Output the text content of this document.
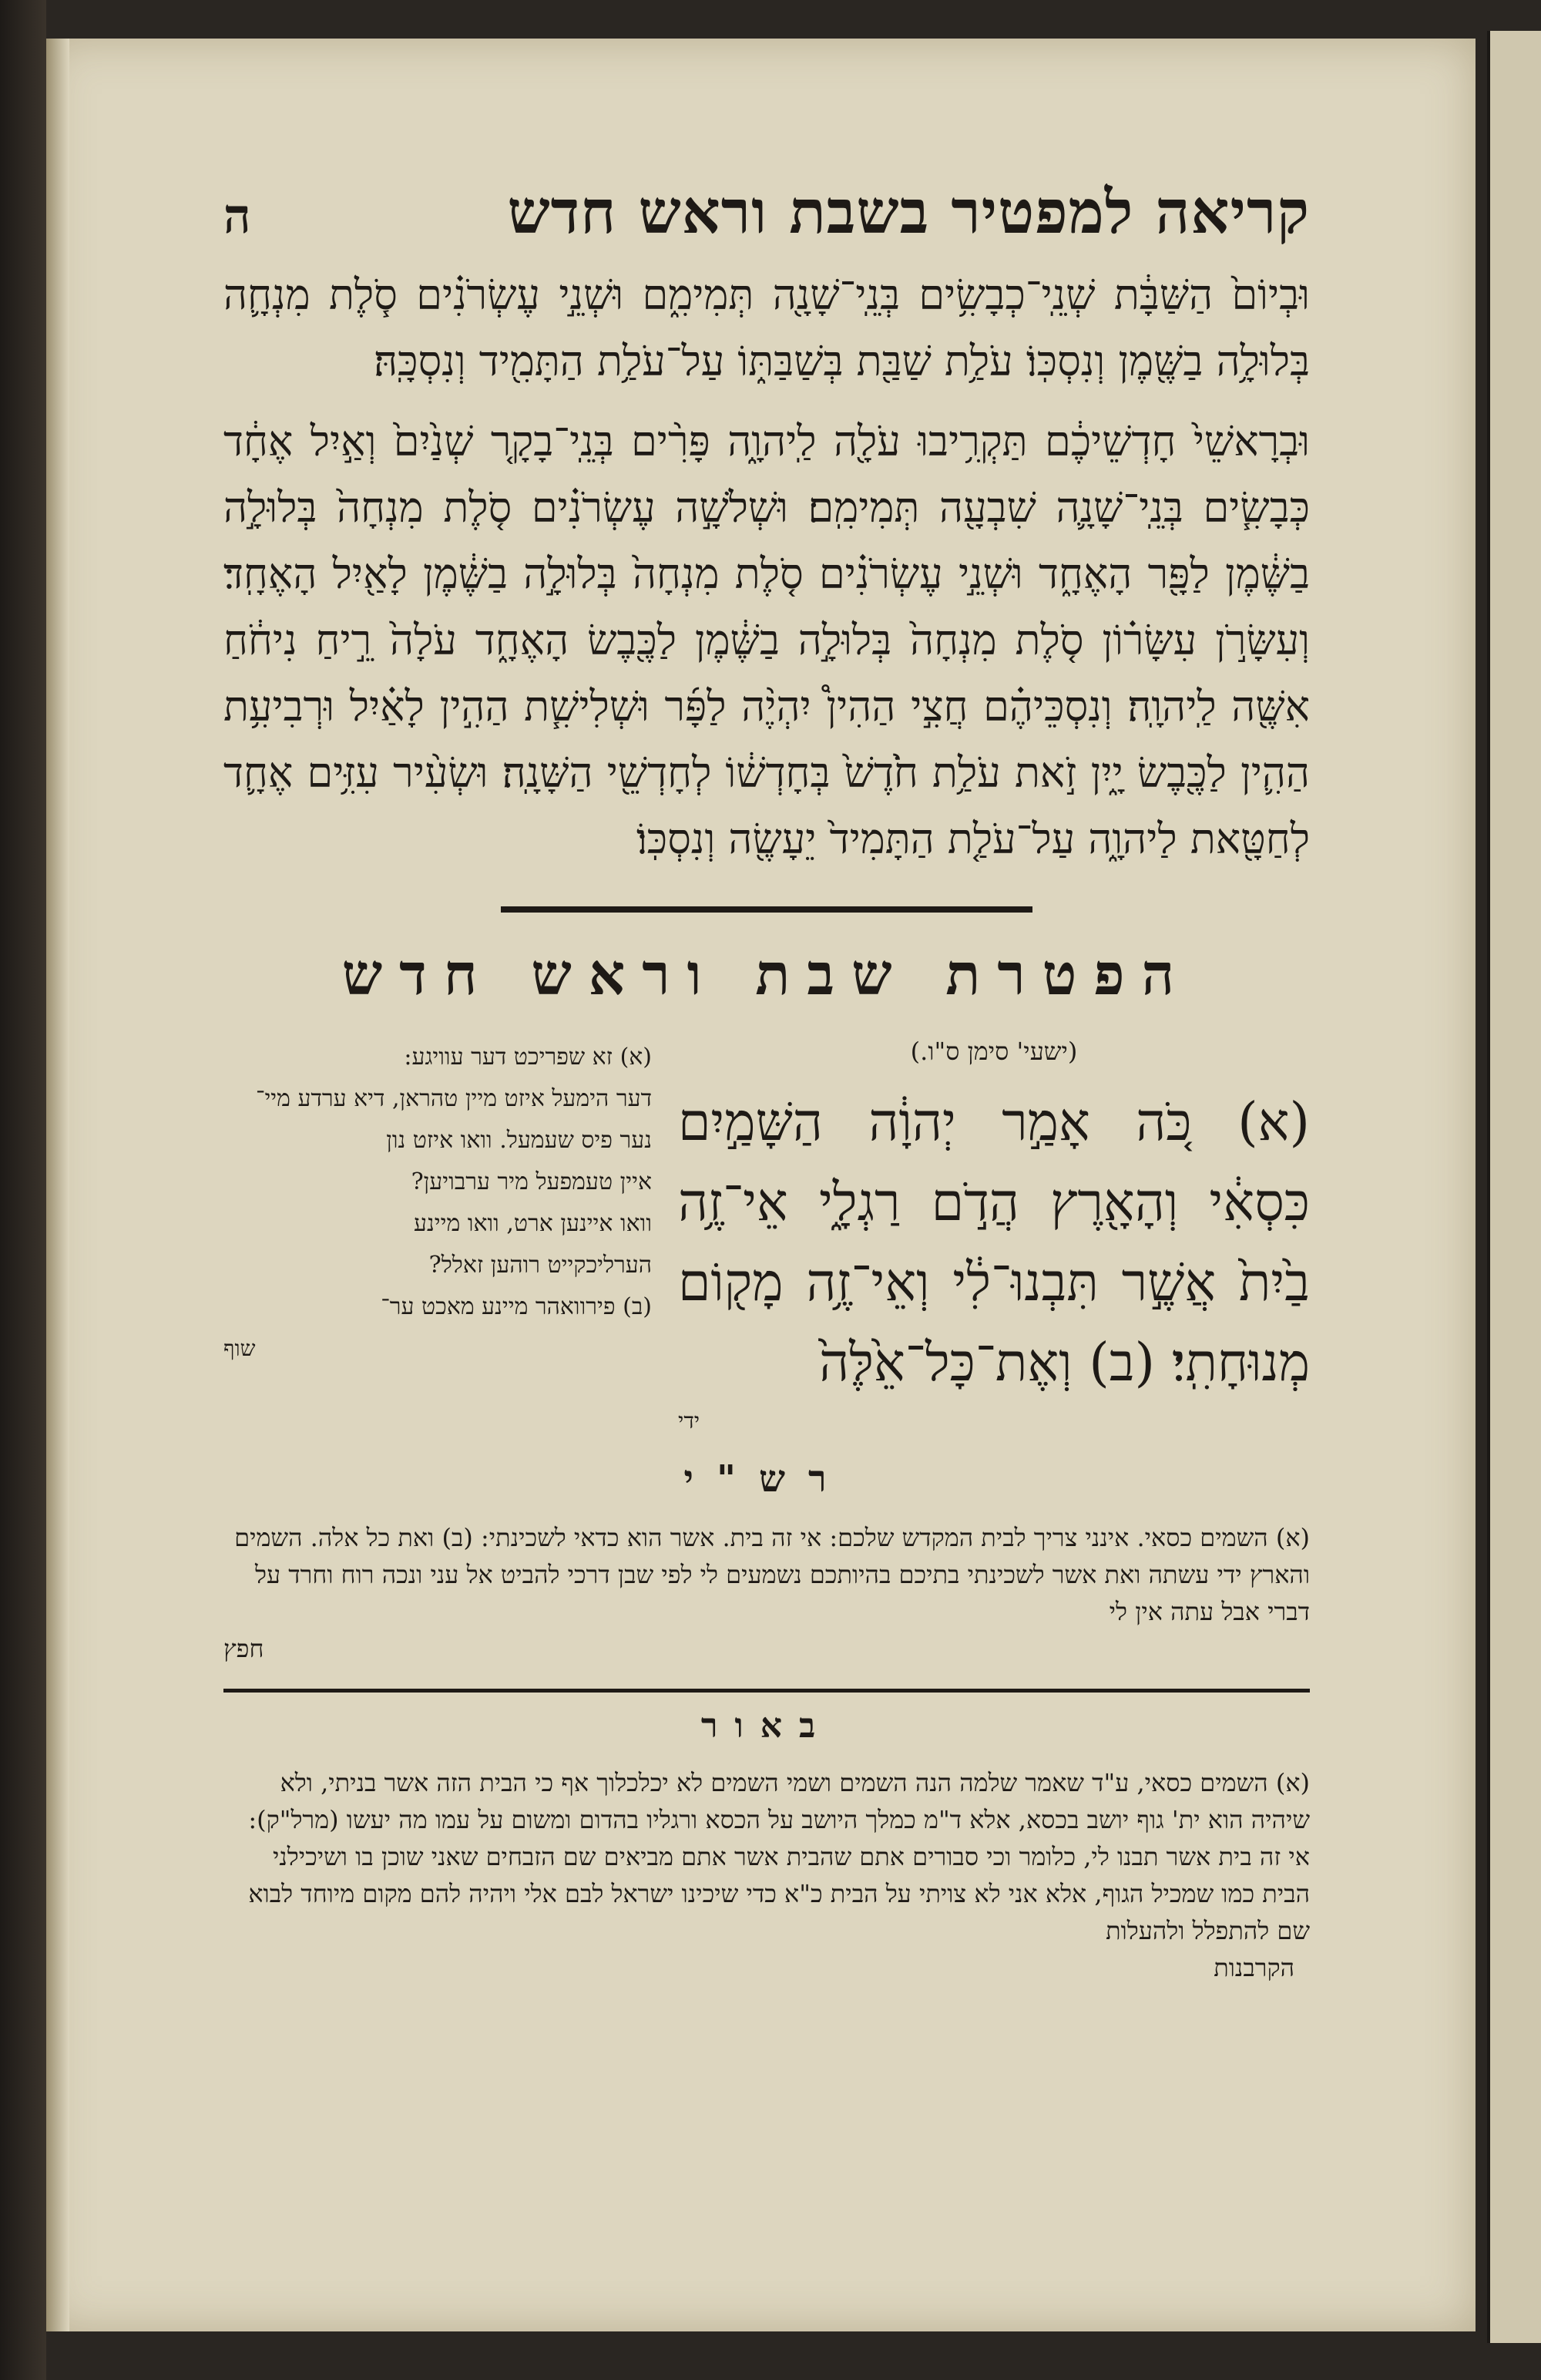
קריאה למפטיר בשבת וראש חדש
ה

וּבְיוֹם֙ הַשַּׁבָּ֔ת שְׁנֵֽי־כְבָשִׂ֥ים בְּנֵֽי־שָׁנָ֖ה תְּמִימִ֑ם וּשְׁנֵ֣י עֶשְׂרֹנִ֗ים סֹ֧לֶת מִנְחָ֛ה בְּלוּלָ֥ה בַשֶּׁ֖מֶן וְנִסְכּֽוֹ׃ עֹלַ֥ת שַׁבַּ֖ת בְּשַׁבַּתּ֑וֹ עַל־עֹלַ֥ת הַתָּמִ֖יד וְנִסְכָּֽהּ׃

וּבְרָאשֵׁי֙ חָדְשֵׁיכֶ֔ם תַּקְרִ֥יבוּ עֹלָ֖ה לַֽיהוָ֑ה פָּרִ֨ים בְּנֵֽי־בָקָ֤ר שְׁנַ֙יִם֙ וְאַ֣יִל אֶחָ֔ד כְּבָשִׂ֧ים בְּנֵֽי־שָׁנָ֛ה שִׁבְעָ֖ה תְּמִימִֽם׃ וּשְׁלֹשָׁ֣ה עֶשְׂרֹנִ֗ים סֹ֤לֶת מִנְחָה֙ בְּלוּלָ֣ה בַשֶּׁ֔מֶן לַפָּ֖ר הָאֶחָ֑ד וּשְׁנֵ֣י עֶשְׂרֹנִ֗ים סֹ֤לֶת מִנְחָה֙ בְּלוּלָ֣ה בַשֶּׁ֔מֶן לָאַ֖יִל הָאֶחָֽד׃ וְעִשָּׂרֹ֣ן עִשָּׂר֗וֹן סֹ֤לֶת מִנְחָה֙ בְּלוּלָ֣ה בַשֶּׁ֔מֶן לַכֶּ֖בֶשׂ הָאֶחָ֑ד עֹלָה֙ רֵ֣יחַ נִיחֹ֔חַ אִשֶּׁ֖ה לַֽיהוָֽה׃ וְנִסְכֵּיהֶ֗ם חֲצִ֣י הַהִין֩ יִהְיֶ֨ה לַפָּ֜ר וּשְׁלִישִׁ֧ת הַהִ֣ין לָאַ֗יִל וּרְבִיעִ֥ת הַהִ֛ין לַכֶּ֖בֶשׂ יָ֑יִן זֹ֣את עֹלַ֥ת חֹ֙דֶשׁ֙ בְּחָדְשׁ֔וֹ לְחָדְשֵׁ֖י הַשָּׁנָֽה׃ וּשְׂעִ֨יר עִזִּ֥ים אֶחָ֛ד לְחַטָּ֖את לַיהוָ֑ה עַל־עֹלַ֤ת הַתָּמִיד֙ יֵעָשֶׂ֖ה וְנִסְכּֽוֹ׃

הפטרת שבת וראש חדש

(ישעי' סימן ס"ו.)

(א) כֹּ֚ה אָמַ֣ר יְהוָ֔ה הַשָּׁמַ֣יִם כִּסְאִ֔י וְהָאָ֖רֶץ הֲדֹ֣ם רַגְלָ֑י אֵי־זֶ֥ה בַ֙יִת֙ אֲשֶׁ֣ר תִּבְנוּ־לִ֔י וְאֵי־זֶ֥ה מָק֖וֹם מְנוּחָתִֽי׃ (ב) וְאֶת־כָּל־אֵ֙לֶּה֙

ידי

(א) זא שפריכט דער עוויגע:
דער הימעל איזט מיין טהראן, דיא ערדע מיי־
נער פיס שעמעל. וואו איזט נון
איין טעמפעל מיר ערבויען?
וואו איינען ארט, וואו מיינע
הערליכקייט רוהען זאלל?
(ב) פירוואהר מיינע מאכט ער־
שוף
רש"י

(א) השמים כסאי. אינני צריך לבית המקדש שלכם: אי זה בית. אשר הוא כדאי לשכינתי: (ב) ואת כל אלה. השמים והארץ ידי עשתה ואת אשר לשכינתי בתיכם בהיותכם נשמעים לי לפי שבן דרכי להביט אל עני ונכה רוח וחרד על דברי אבל עתה אין לי

חפץ

באור

(א) השמים כסאי, ע"ד שאמר שלמה הנה השמים ושמי השמים לא יכלכלוך אף כי הבית הזה אשר בניתי, ולא שיהיה הוא ית' גוף יושב בכסא, אלא ד"מ כמלך היושב על הכסא ורגליו בהדום ומשום על עמו מה יעשו (מרל"ק): אי זה בית אשר תבנו לי, כלומר וכי סבורים אתם שהבית אשר אתם מביאים שם הזבחים שאני שוכן בו ושיכילני הבית כמו שמכיל הגוף, אלא אני לא צויתי על הבית כ"א כדי שיכינו ישראל לבם אלי ויהיה להם מקום מיוחד לבוא שם להתפלל ולהעלות

הקרבנות
